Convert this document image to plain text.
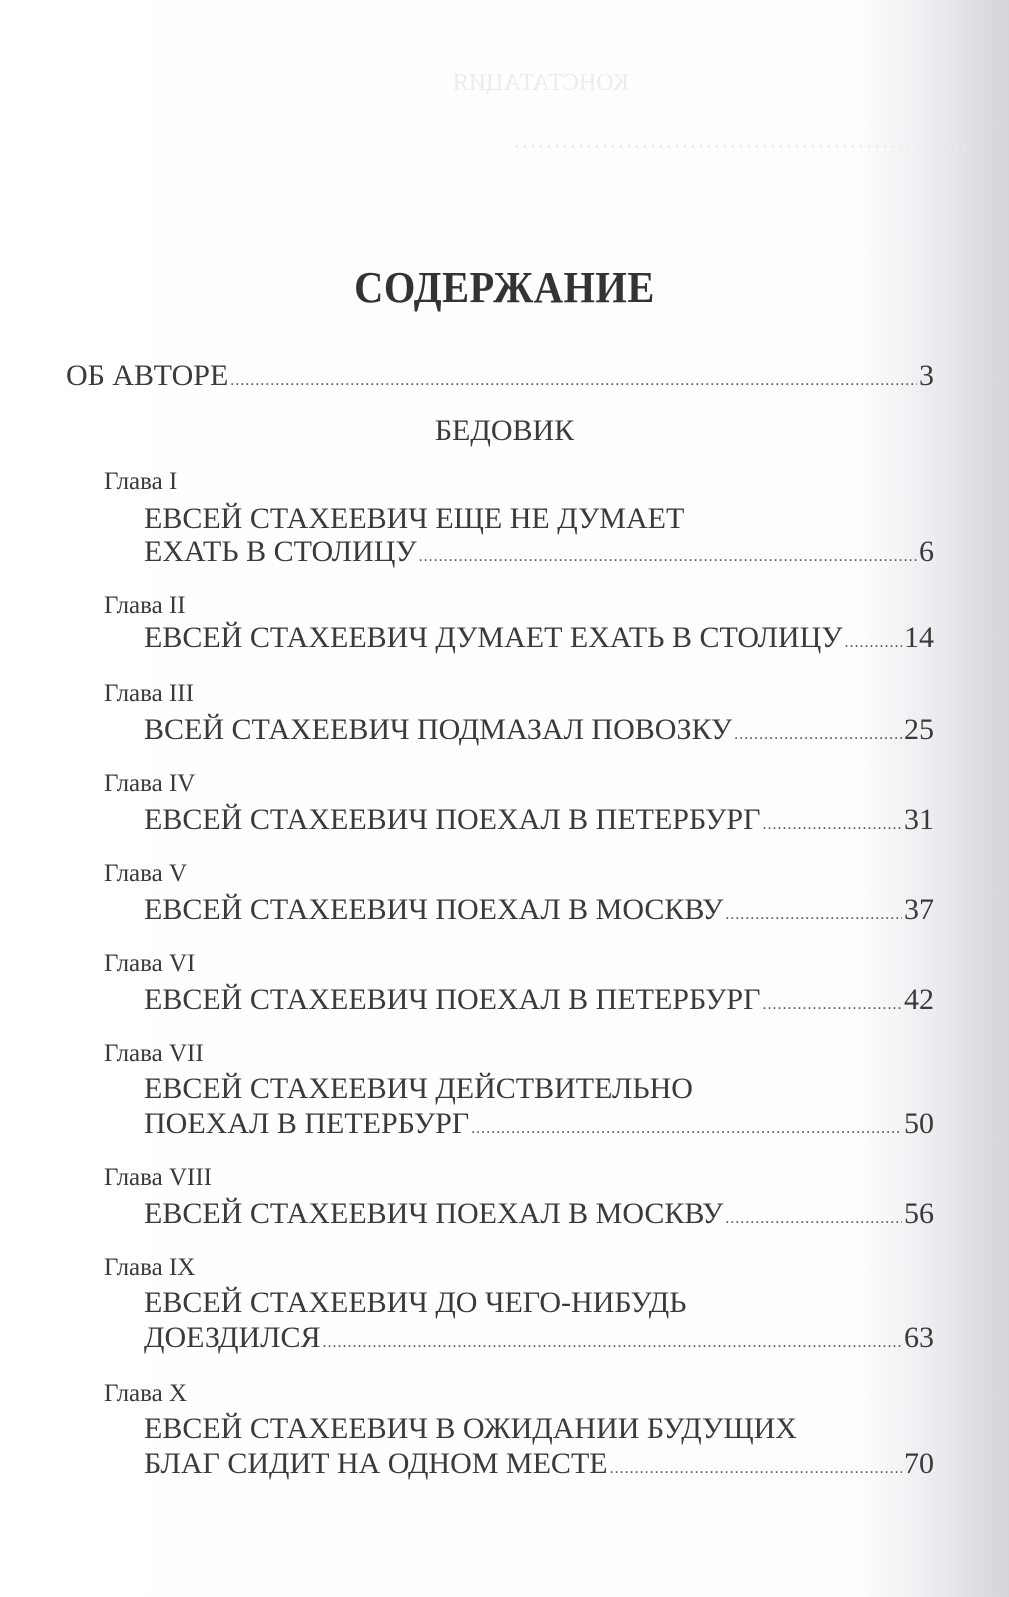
КОНСТАТАЦИЯ
…………………………………………………
СОДЕРЖАНИЕ
ОБ АВТОРЕ .....	3
БЕДОВИК
Глава I
ЕВСЕЙ СТАХЕЕВИЧ ЕЩЕ НЕ ДУМАЕТ
ЕХАТЬ В СТОЛИЦУ .....	6
Глава II
ЕВСЕЙ СТАХЕЕВИЧ ДУМАЕТ ЕХАТЬ В СТОЛИЦУ ..... 14
Глава III
ВСЕЙ СТАХЕЕВИЧ ПОДМАЗАЛ ПОВОЗКУ .....	25
Глава IV
ЕВСЕЙ СТАХЕЕВИЧ ПОЕХАЛ В ПЕТЕРБУРГ .....	31
Глава V
ЕВСЕЙ СТАХЕЕВИЧ ПОЕХАЛ В МОСКВУ .....	37
Глава VI
ЕВСЕЙ СТАХЕЕВИЧ ПОЕХАЛ В ПЕТЕРБУРГ .....	42
Глава VII
ЕВСЕЙ СТАХЕЕВИЧ ДЕЙСТВИТЕЛЬНО
ПОЕХАЛ В ПЕТЕРБУРГ .....	50
Глава VIII
ЕВСЕЙ СТАХЕЕВИЧ ПОЕХАЛ В МОСКВУ .....	56
Глава IX
ЕВСЕЙ СТАХЕЕВИЧ ДО ЧЕГО-НИБУДЬ
ДОЕЗДИЛСЯ .....	63
Глава X
ЕВСЕЙ СТАХЕЕВИЧ В ОЖИДАНИИ БУДУЩИХ
БЛАГ СИДИТ НА ОДНОМ МЕСТЕ .....	70
